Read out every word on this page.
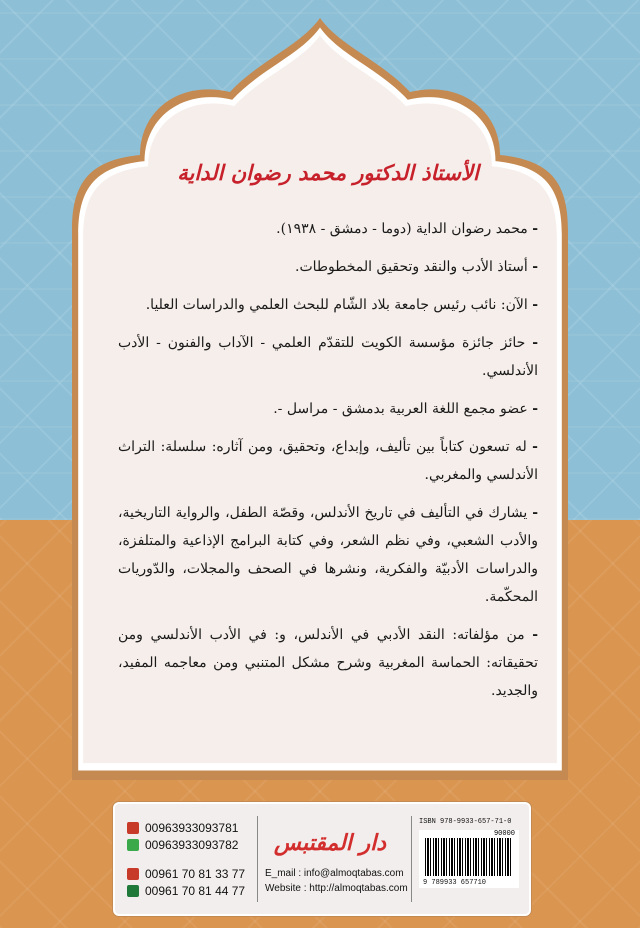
الأستاذ الدكتور محمد رضوان الداية
- محمد رضوان الداية (دوما - دمشق - ١٩٣٨).
- أستاذ الأدب والنقد وتحقيق المخطوطات.
- الآن: نائب رئيس جامعة بلاد الشّام للبحث العلمي والدراسات العليا.
- حائز جائزة مؤسسة الكويت للتقدّم العلمي - الآداب والفنون - الأدب الأندلسي.
- عضو مجمع اللغة العربية بدمشق - مراسل -.
- له تسعون كتاباً بين تأليف، وإبداع، وتحقيق، ومن آثاره: سلسلة: التراث الأندلسي والمغربي.
- يشارك في التأليف في تاريخ الأندلس، وقصّة الطفل، والرواية التاريخية، والأدب الشعبي، وفي نظم الشعر، وفي كتابة البرامج الإذاعية والمتلفزة، والدراسات الأدبيّة والفكرية، ونشرها في الصحف والمجلات، والدّوريات المحكّمة.
- من مؤلفاته: النقد الأدبي في الأندلس، و: في الأدب الأندلسي ومن تحقيقاته: الحماسة المغربية وشرح مشكل المتنبي ومن معاجمه المفيد، والجديد.
00963933093781
00963933093782
00961 70 81 33 77
00961 70 81 44 77
دار المقتبس
E_mail : info@almoqtabas.com
Website : http://almoqtabas.com
ISBN 978-9933-657-71-0
90000
9 789933 657710
